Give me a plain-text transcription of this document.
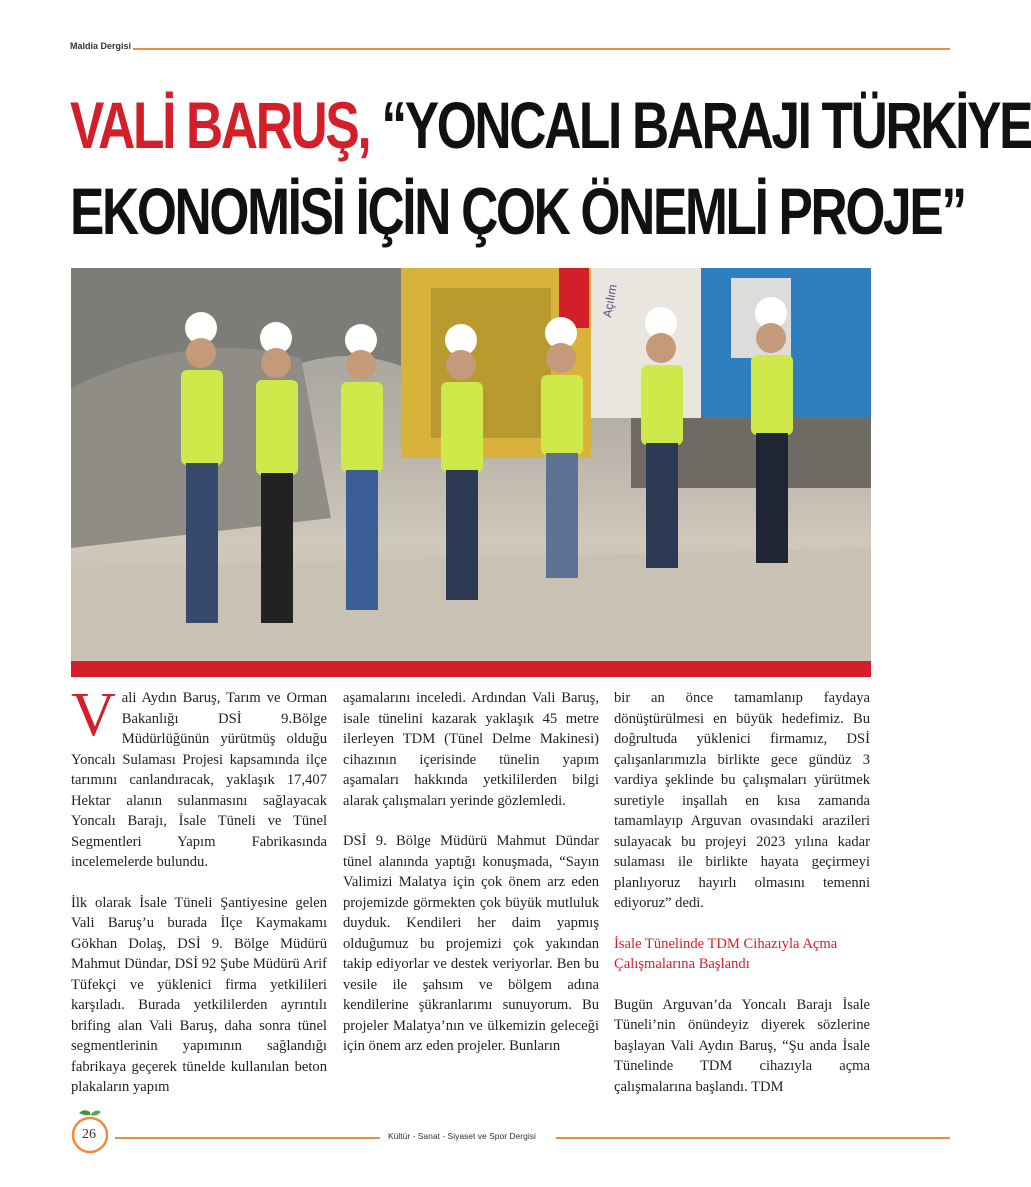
Maldia Dergisi
VALİ BARUŞ, “YONCALI BARAJI TÜRKİYE
EKONOMİSİ İÇİN ÇOK ÖNEMLİ PROJE”
Açılım

Vali Aydın Baruş, Tarım ve Orman Bakanlığı DSİ 9.Bölge Müdürlüğünün yürütmüş olduğu Yoncalı Sulaması Projesi kapsamında ilçe tarımını canlandıracak, yaklaşık 17,407 Hektar alanın sulanmasını sağlayacak Yoncalı Barajı, İsale Tüneli ve Tünel Segmentleri Yapım Fabrikasında incelemelerde bulundu.

İlk olarak İsale Tüneli Şantiyesine gelen Vali Baruş’u burada İlçe Kaymakamı Gökhan Dolaş, DSİ 9. Bölge Müdürü Mahmut Dündar, DSİ 92 Şube Müdürü Arif Tüfekçi ve yüklenici firma yetkilileri karşıladı. Burada yetkililerden ayrıntılı brifing alan Vali Baruş, daha sonra tünel segmentlerinin yapımının sağlandığı fabrikaya geçerek tünelde kullanılan beton plakaların yapım

aşamalarını inceledi. Ardından Vali Baruş, isale tünelini kazarak yaklaşık 45 metre ilerleyen TDM (Tünel Delme Makinesi) cihazının içerisinde tünelin yapım aşamaları hakkında yetkililerden bilgi alarak çalışmaları yerinde gözlemledi.

DSİ 9. Bölge Müdürü Mahmut Dündar tünel alanında yaptığı konuşmada, “Sayın Valimizi Malatya için çok önem arz eden projemizde görmekten çok büyük mutluluk duyduk. Kendileri her daim yapmış olduğumuz bu projemizi çok yakından takip ediyorlar ve destek veriyorlar. Ben bu vesile ile şahsım ve bölgem adına kendilerine şükranlarımı sunuyorum. Bu projeler Malatya’nın ve ülkemizin geleceği için önem arz eden projeler. Bunların

bir an önce tamamlanıp faydaya dönüştürülmesi en büyük hedefimiz. Bu doğrultuda yüklenici firmamız, DSİ çalışanlarımızla birlikte gece gündüz 3 vardiya şeklinde bu çalışmaları yürütmek suretiyle inşallah en kısa zamanda tamamlayıp Arguvan ovasındaki arazileri sulayacak bu projeyi 2023 yılına kadar sulaması ile birlikte hayata geçirmeyi planlıyoruz hayırlı olmasını temenni ediyoruz” dedi.

İsale Tünelinde TDM Cihazıyla Açma Çalışmalarına Başlandı

Bugün Arguvan’da Yoncalı Barajı İsale Tüneli’nin önündeyiz diyerek sözlerine başlayan Vali Aydın Baruş, “Şu anda İsale Tünelinde TDM cihazıyla açma çalışmalarına başlandı. TDM

26	Kültür - Sanat - Siyaset ve Spor Dergisi
